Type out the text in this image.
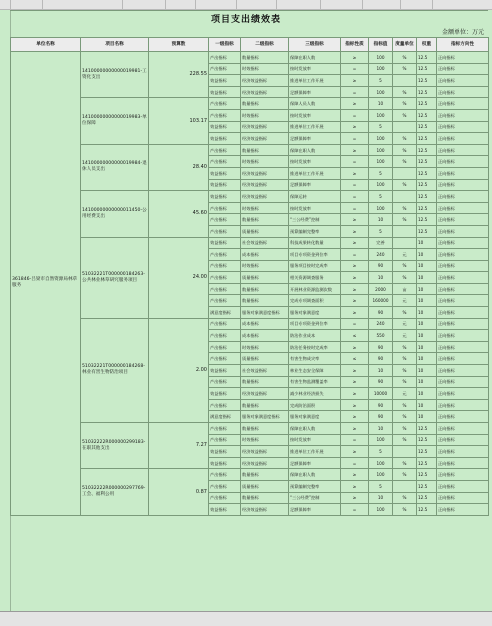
项目支出绩效表
金额单位：万元
单位名称	项目名称	预算数	一级指标	二级指标	三级指标	指标性质	指标值	度量单位	权重	指标方向性
361846-吕梁市自然资源局林草服务	14100000000000019981-工资化支出	228.55	产出指标	数量指标	保障在职人数	≥	100	%	12.5	正向指标
			产出指标	时效指标	按时发放率	=	100	%	12.5	正向指标
			效益指标	经济效益指标	推进单位工作开展	≥	5		12.5	正向指标
			效益指标	经济效益指标	足额保障率	=	100	%	12.5	正向指标
	14100000000000019983-单位保障	103.17	产出指标	数量指标	保障人员人数	≥	10	%	12.5	正向指标
			产出指标	时效指标	按时发放率	=	100	%	12.5	正向指标
			效益指标	经济效益指标	推进单位工作开展	≥	5		12.5	正向指标
			效益指标	经济效益指标	足额保障率	=	100	%	12.5	正向指标
	14100000000000019984-退休人员支出	28.40	产出指标	数量指标	保障在职人数	≥	100	%	12.5	正向指标
			产出指标	时效指标	按时发放率	=	100	%	12.5	正向指标
			效益指标	经济效益指标	推进单位工作开展	≥	5		12.5	正向指标
			效益指标	经济效益指标	足额保障率	=	100	%	12.5	正向指标
	14100000000000011450-公用经费支出	45.60	效益指标	经济效益指标	保障运转	=	5		12.5	正向指标
			产出指标	时效指标	按时发放率	=	100	%	12.5	正向指标
			产出指标	数量指标	“三公经费”控制	≥	10	%	12.5	正向指标
			产出指标	质量指标	预算编制完整率	≥	5		12.5	正向指标
	51032221T000000184263-公共林业林草研究服务项目	24.00	效益指标	社会效益指标	科技成果转化数量	≥	完善		10	正向指标
			产出指标	成本指标	项目专项资金到位率	=	240	元	10	正向指标
			产出指标	时效指标	服务项目按时完成率	≥	90	%	10	正向指标
			产出指标	质量指标	相关资源调查服务	≥	10	%	10	正向指标
			产出指标	数量指标	开展林业资源监测次数	≥	2000	亩	10	正向指标
			产出指标	数量指标	完成专项调查面积	≥	160000	元	10	正向指标
			满意度指标	服务对象满意度指标	服务对象满意度	≥	90	%	10	正向指标
	51032221T000000184268-林业有害生物防治项目	2.00	产出指标	成本指标	项目专项资金到位率	=	240	元	10	正向指标
			产出指标	成本指标	防治作业成本	≤	550	元	10	正向指标
			产出指标	时效指标	防治任务按时完成率	≥	90	%	10	正向指标
			产出指标	质量指标	有害生物成灾率	≤	90	%	10	正向指标
			效益指标	社会效益指标	林业生态安全保障	≥	10	%	10	正向指标
			产出指标	数量指标	有害生物监测覆盖率	≥	90	%	10	正向指标
			效益指标	经济效益指标	减少林业经济损失	≥	10000	元	10	正向指标
			产出指标	数量指标	完成防治面积	≥	90	%	10	正向指标
			满意度指标	服务对象满意度指标	服务对象满意度	≥	90	%	10	正向指标
	51032222R000000299183-在职其他支出	7.27	产出指标	数量指标	保障在职人数	≥	10	%	12.5	正向指标
			产出指标	时效指标	按时发放率	=	100	%	12.5	正向指标
			效益指标	经济效益指标	推进单位工作开展	≥	5		12.5	正向指标
			效益指标	经济效益指标	足额保障率	=	100	%	12.5	正向指标
	51032222R000000297769-工会、福利公用	0.87	产出指标	数量指标	保障在职人数	≥	100	%	12.5	正向指标
			产出指标	质量指标	预算编制完整率	≥	5		12.5	正向指标
			产出指标	数量指标	“三公经费”控制	≥	10	%	12.5	正向指标
			效益指标	经济效益指标	足额保障率	=	100	%	12.5	正向指标
